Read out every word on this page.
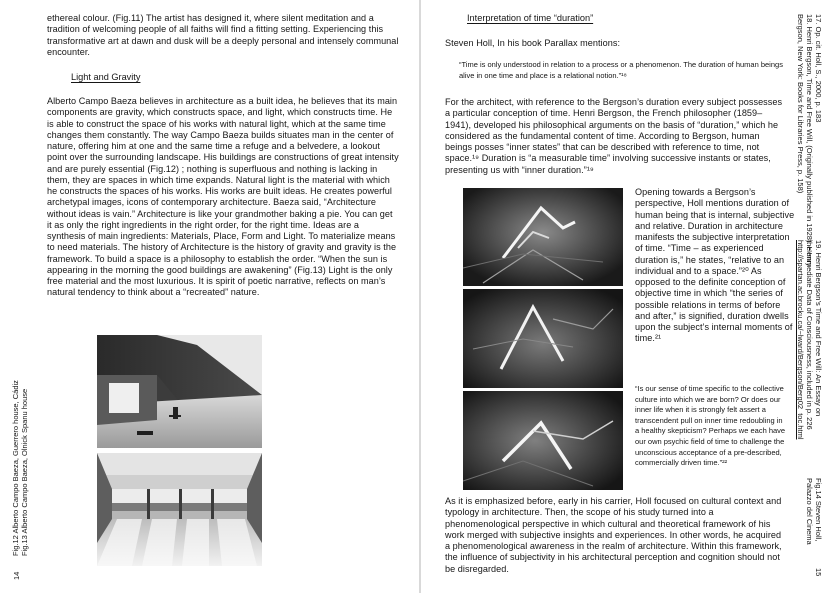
ethereal colour. (Fig.11) The artist has designed it, where silent meditation and a tradition of welcoming people of all faiths will find a fitting setting. Experiencing this transformative art at dawn and dusk will be a deeply personal and intensely communal encounter.

Light and Gravity

Alberto Campo Baeza believes in architecture as a built idea, he believes that its main components are gravity, which constructs space, and light, which constructs time. He is able to construct the space of his works with natural light, which at the same time changes them constantly. The way Campo Baeza builds situates man in the center of nature, offering him at one and the same time a refuge and a belvedere, a lookout point over the surrounding landscape. His buildings are constructions of great intensity and are purely essential (Fig.12) ; nothing is superfluous and nothing is lacking in them, they are spaces in which time expands. Natural light is the material with which he constructs the spaces of his works. His works are built ideas. He creates powerful archetypal images, icons of contemporary architecture. Baeza said, “Architecture without ideas is vain.” Architecture is like your grandmother baking a pie. You can get it as only the right ingredients in the right order, for the right time. Ideas are a synthesis of main ingredients: Materials, Place, Form and Light. To materialize means to need materials. The history of Architecture is the history of gravity and gravity is the framework. To build a space is a philosophy to establish the order. “When the sun is appearing in the morning the good buildings are awakening” (Fig.13) Light is the only free material and the most luxurious. It is spirit of poetic narrative, reflects on man’s natural tendency to think about a “recreated” nature.

Fig.12 Alberto Campo Baeza, Guerrero house, Cádiz Fig.13 Alberto Campo Baeza, Olnick Spanu house
14

Interpretation of time “duration”

Steven Holl, In his book Parallax mentions:

“Time is only understood in relation to a process or a phenomenon. The duration of human beings alive in one time and place is a relational notion.”¹⁸

For the architect, with reference to the Bergson’s duration every subject possesses a particular conception of time. Henri Bergson, the French philosopher (1859–1941), developed his philosophical arguments on the basis of “duration,” which he considered as the fundamental content of time. According to Bergson, human beings posses “inner states” that can be described with reference to time, not space.¹⁹ Duration is “a measurable time” involving successive instants or states, presenting us with “inner duration.”¹⁹

Opening towards a Bergson’s perspective, Holl mentions duration of human being that is internal, subjective and relative. Duration in architecture manifests the subjective interpretation of time. “Time – as experienced duration is,” he states, “relative to an individual and to a space.”²⁰ As opposed to the definite conception of objective time in which “the series of possible relations in terms of before and after,” is signified, duration dwells upon the subject’s internal moments of time.²¹

“Is our sense of time specific to the collective culture into which we are born? Or does our inner life when it is strongly felt assert a transcendent pull on inner time redoubling in a healthy skepticism? Perhaps we each have our own psychic field of time to challenge the unconscious acceptance of a pre-described, commercially driven time.”²²

As it is emphasized before, early in his carrier, Holl focused on cultural context and typology in architecture. Then, the scope of his study turned into a phenomenological perspective in which cultural and theoretical framework of his work merged with subjective insights and experiences. In other words, he acquired a phenomenological awareness in the realm of architecture. Within this framework, the influence of subjectivity in his architectural perception and cognition should not be disregarded.

17. Op. cit. Holl, S., 2000, p. 183
18. Henri Bergson, Time and Free Will, (Originally published in 1928). Henry
Bergson, New York: Books for Libraries Press, p. 158)
19. Henri Bergson’s Time and Free Will: An Essay on
the Immediate Data of Consciousness, included in p. 226
http://spartan.ac.brocku.ca/~lward/Bergson/Berg02_toc.html
Fig.14 Steven Holl,
Palazzo del Cinema
15
